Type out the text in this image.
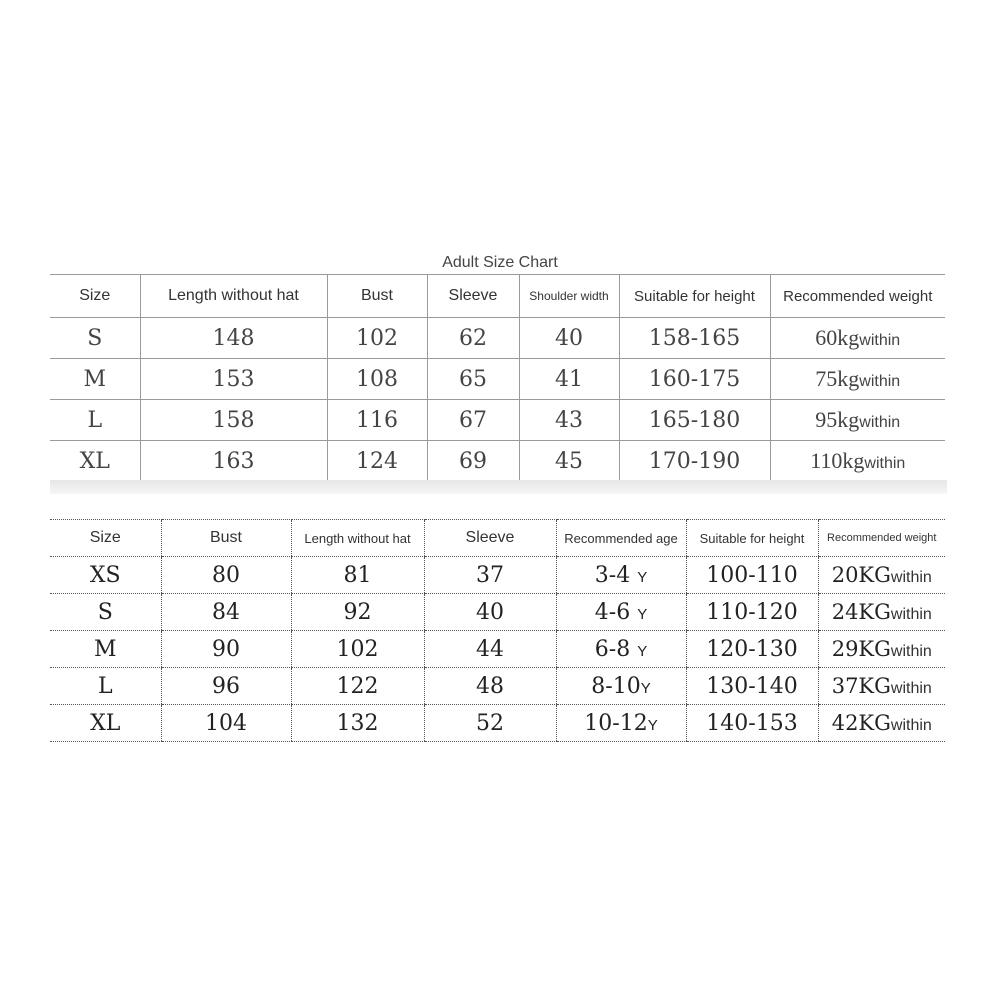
Adult Size Chart
Size	Length without hat	Bust	Sleeve	Shoulder width	Suitable for height	Recommended weight
S	148	102	62	40	158-165	60kgwithin
M	153	108	65	41	160-175	75kgwithin
L	158	116	67	43	165-180	95kgwithin
XL	163	124	69	45	170-190	110kgwithin
Size	Bust	Length without hat	Sleeve	Recommended age	Suitable for height	Recommended weight
XS	80	81	37	3-4 Y	100-110	20KGwithin
S	84	92	40	4-6 Y	110-120	24KGwithin
M	90	102	44	6-8 Y	120-130	29KGwithin
L	96	122	48	8-10Y	130-140	37KGwithin
XL	104	132	52	10-12Y	140-153	42KGwithin
